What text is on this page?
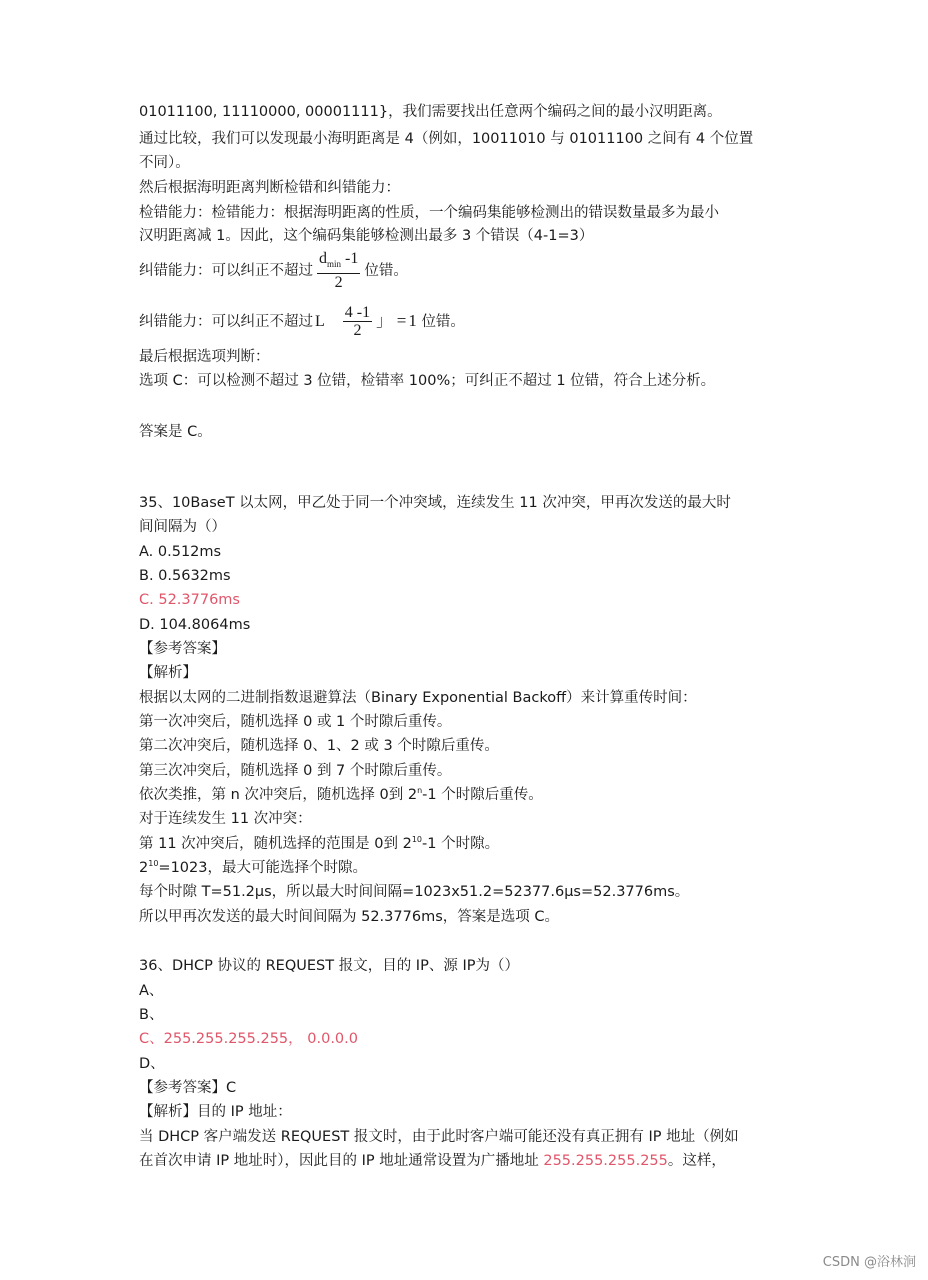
01011100, 11110000, 00001111}，我们需要找出任意两个编码之间的最小汉明距离。
通过比较，我们可以发现最小海明距离是 4（例如，10011010 与 01011100 之间有 4 个位置
不同）。
然后根据海明距离判断检错和纠错能力：
检错能力：检错能力：根据海明距离的性质，一个编码集能够检测出的错误数量最多为最小
汉明距离减 1。因此，这个编码集能够检测出最多 3 个错误（4-1=3）
纠错能力：可以纠正不超过 $\frac{d_{min} -1}{2}$ 位错。
纠错能力：可以纠正不超过 L $\frac{4 -1}{2}$ 」 = 1 位错。
最后根据选项判断：
选项 C：可以检测不超过 3 位错，检错率 100%；可纠正不超过 1 位错，符合上述分析。
答案是 C。
35、10BaseT 以太网，甲乙处于同一个冲突域，连续发生 11 次冲突，甲再次发送的最大时
间间隔为（）
A. 0.512ms
B. 0.5632ms
C. 52.3776ms
D. 104.8064ms
【参考答案】
【解析】
根据以太网的二进制指数退避算法（Binary Exponential Backoff）来计算重传时间：
第一次冲突后，随机选择 0 或 1 个时隙后重传。
第二次冲突后，随机选择 0、1、2 或 3 个时隙后重传。
第三次冲突后，随机选择 0 到 7 个时隙后重传。
依次类推，第 n 次冲突后，随机选择 0到 2$^n$-1 个时隙后重传。
对于连续发生 11 次冲突：
第 11 次冲突后，随机选择的范围是 0到 $2^{10}-1$ 个时隙。
$2^{10}=1023$，最大可能选择个时隙。
每个时隙 T=51.2μs，所以最大时间间隔=1023x51.2=52377.6μs=52.3776ms。
所以甲再次发送的最大时间间隔为 52.3776ms，答案是选项 C。
36、DHCP 协议的 REQUEST 报文，目的 IP、源 IP为（）
A、
B、
C、255.255.255.255， 0.0.0.0
D、
【参考答案】C
【解析】目的 IP 地址：
当 DHCP 客户端发送 REQUEST 报文时，由于此时客户端可能还没有真正拥有 IP 地址（例如
在首次申请 IP 地址时），因此目的 IP 地址通常设置为广播地址 255.255.255.255。这样，
CSDN @浴林涧
